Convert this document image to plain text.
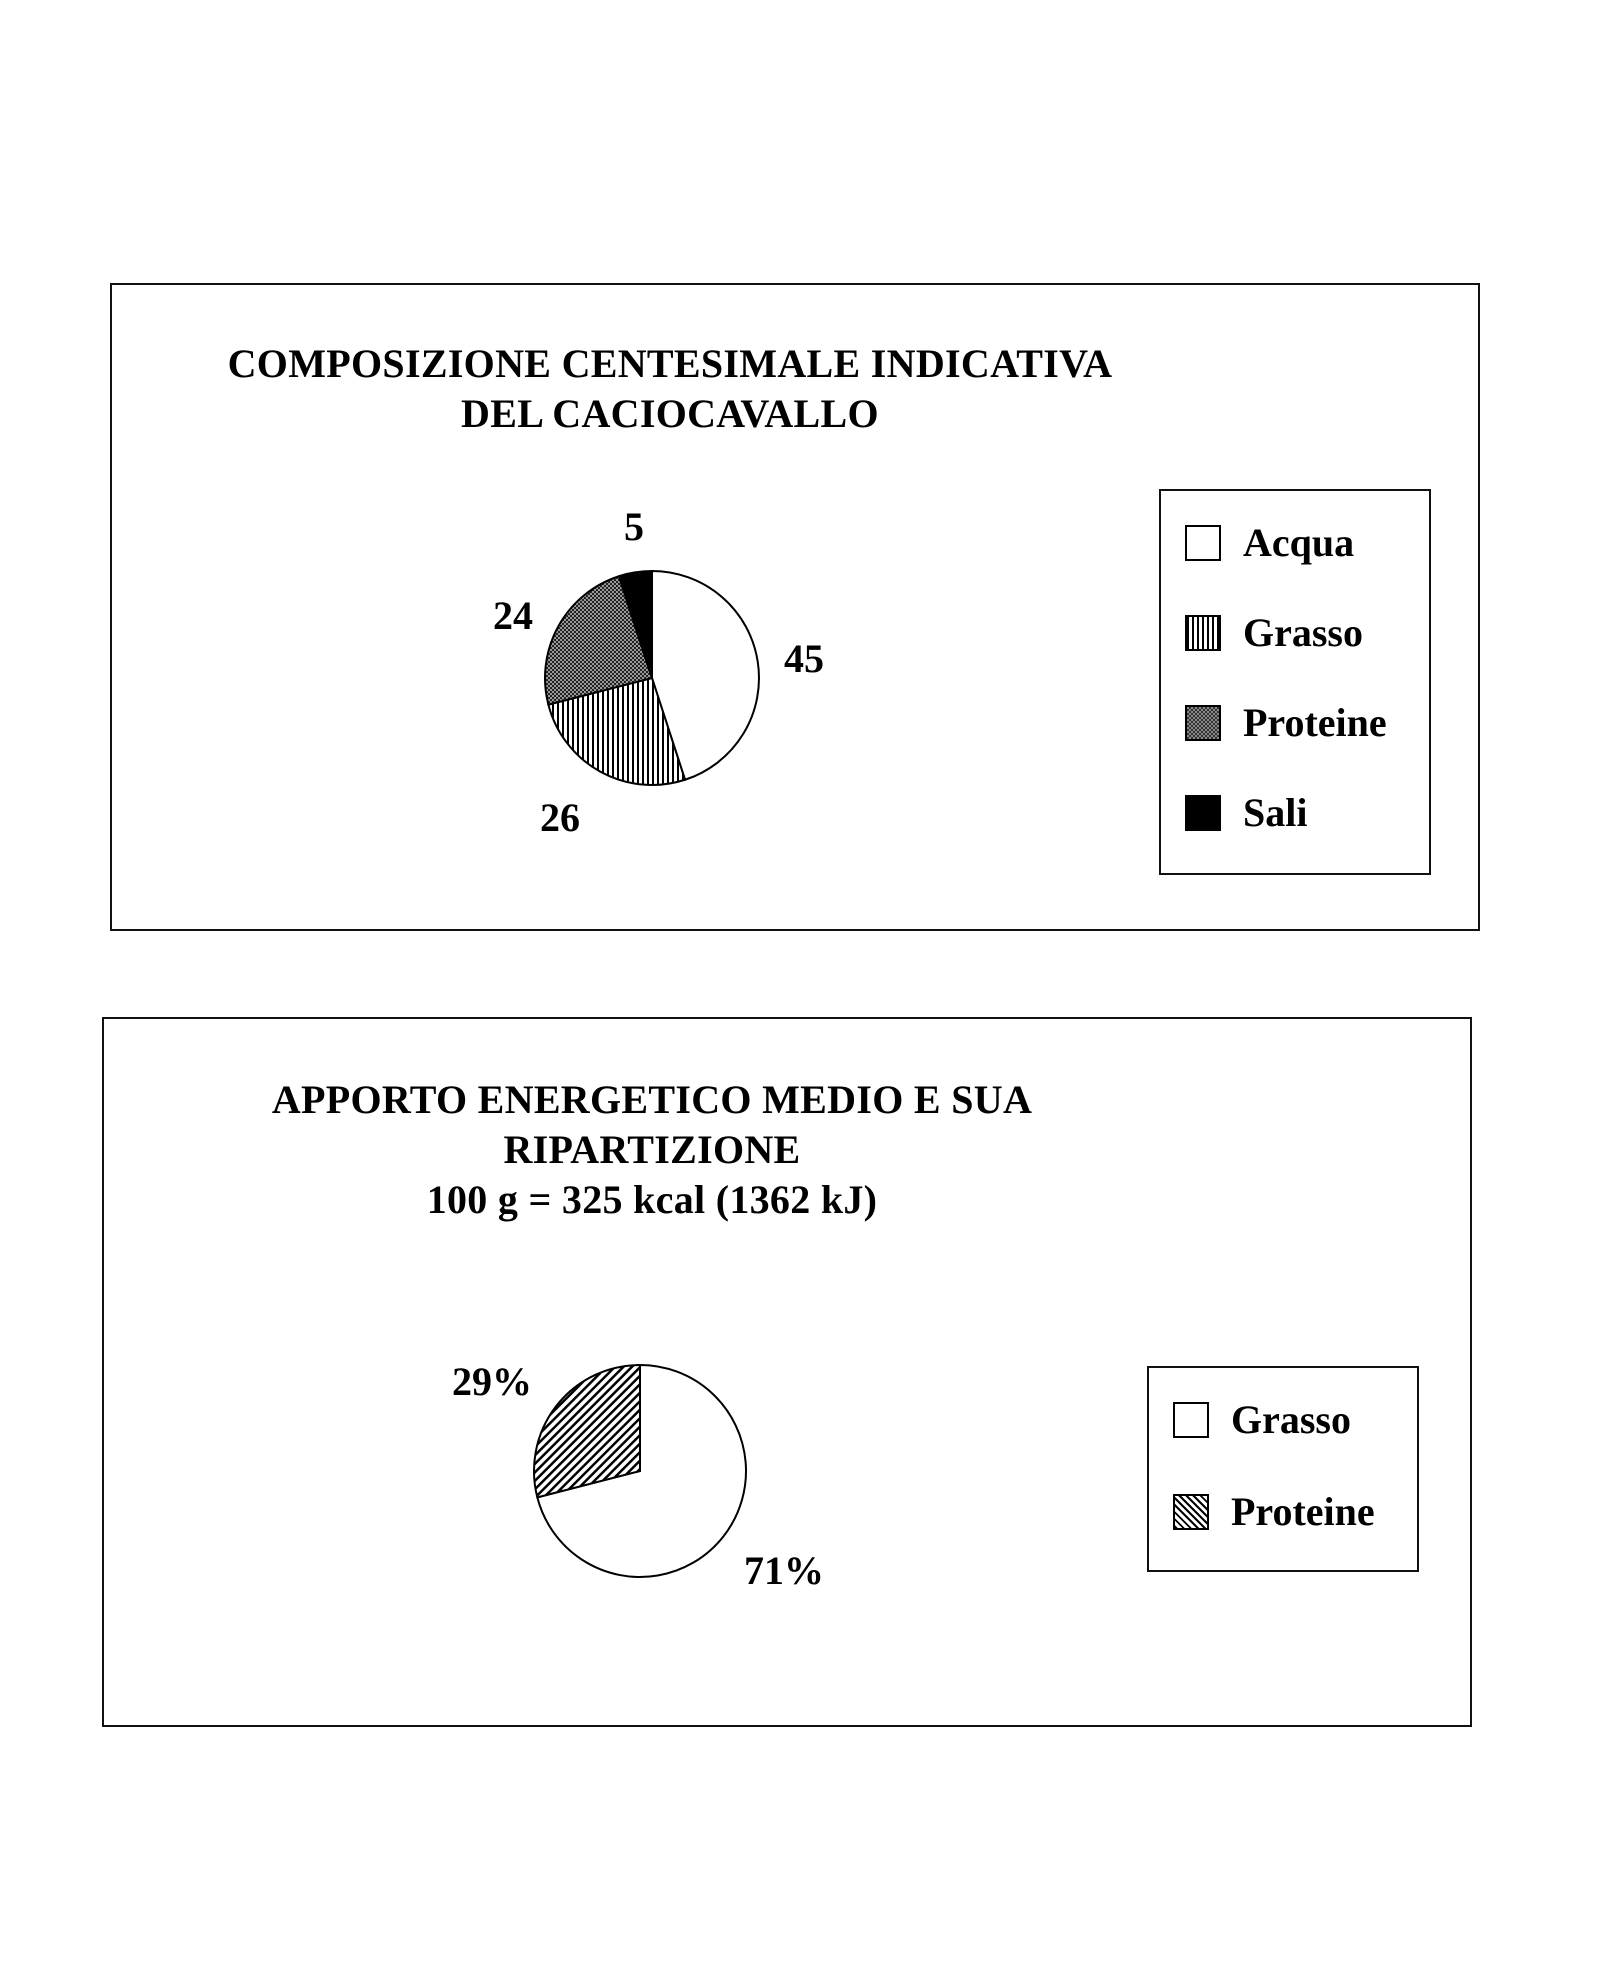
COMPOSIZIONE CENTESIMALE INDICATIVA
DEL CACIOCAVALLO
45
26
24
5	Acqua
Grasso
Proteine
Sali
APPORTO ENERGETICO MEDIO E SUA
RIPARTIZIONE
100 g = 325 kcal (1362 kJ)
71%
29%
Grasso
Proteine
